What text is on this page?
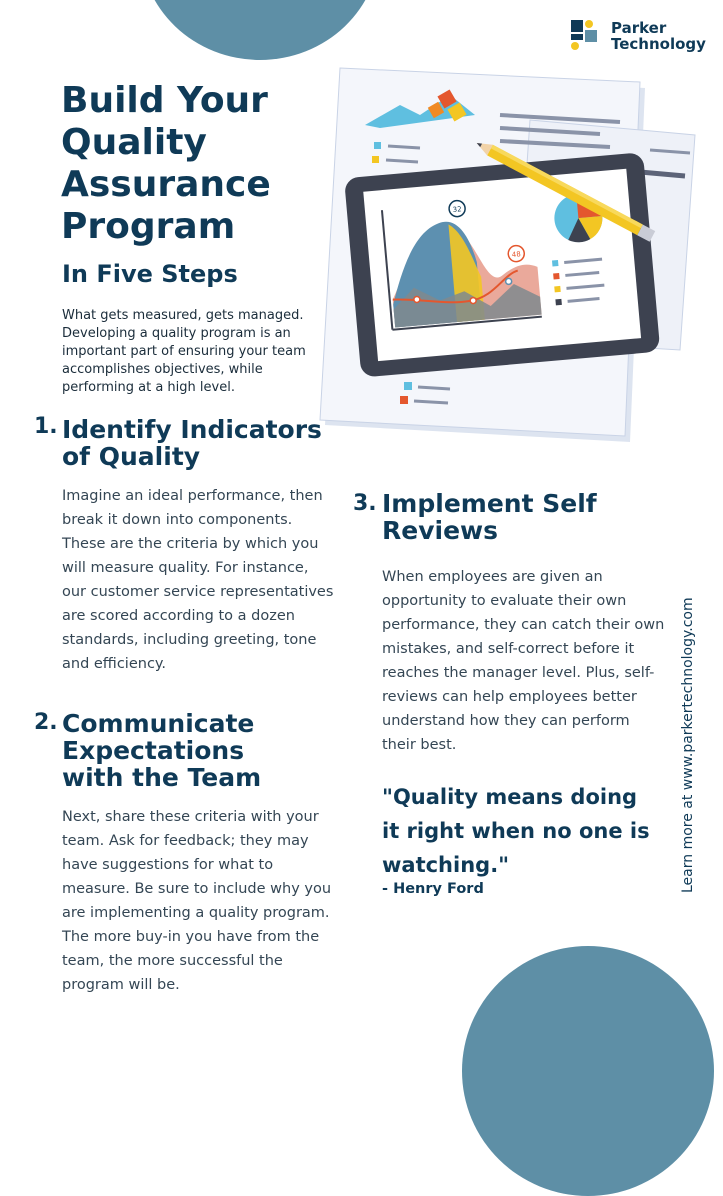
Parker
Technology
Build Your Quality Assurance Program
In Five Steps

What gets measured, gets managed. Developing a quality program is an important part of ensuring your team accomplishes objectives, while performing at a high level.

32
48
1. Identify Indicators of Quality

Imagine an ideal performance, then break it down into components. These are the criteria by which you will measure quality. For instance, our customer service representatives are scored according to a dozen standards, including greeting, tone and efficiency.

2. Communicate Expectations with the Team

Next, share these criteria with your team. Ask for feedback; they may have suggestions for what to measure. Be sure to include why you are implementing a quality program. The more buy-in you have from the team, the more successful the program will be.

3. Implement Self Reviews

When employees are given an opportunity to evaluate their own performance, they can catch their own mistakes, and self-correct before it reaches the manager level. Plus, self-reviews can help employees better understand how they can perform their best.

"Quality means doing it right when no one is watching."

- Henry Ford	Learn more at www.parkertechnology.com
